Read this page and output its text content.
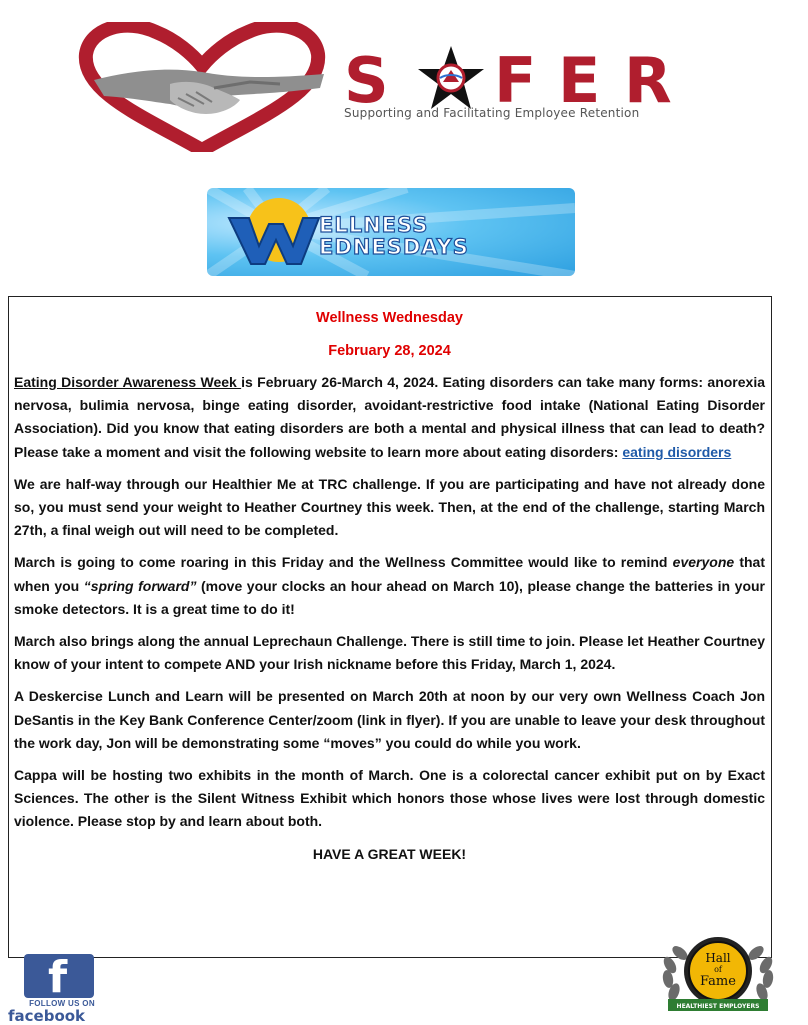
S F E R
Supporting and Facilitating Employee Retention
ELLNESS
EDNESDAYS
Wellness Wednesday
February 28, 2024

Eating Disorder Awareness Week is February 26-March 4, 2024. Eating disorders can take many forms: anorexia nervosa, bulimia nervosa, binge eating disorder, avoidant-restrictive food intake (National Eating Disorder Association). Did you know that eating disorders are both a mental and physical illness that can lead to death? Please take a moment and visit the following website to learn more about eating disorders: eating disorders

We are half-way through our Healthier Me at TRC challenge. If you are participating and have not already done so, you must send your weight to Heather Courtney this week. Then, at the end of the challenge, starting March 27th, a final weigh out will need to be completed.

March is going to come roaring in this Friday and the Wellness Committee would like to remind everyone that when you “spring forward” (move your clocks an hour ahead on March 10), please change the batteries in your smoke detectors. It is a great time to do it!

March also brings along the annual Leprechaun Challenge. There is still time to join. Please let Heather Courtney know of your intent to compete AND your Irish nickname before this Friday, March 1, 2024.

A Deskercise Lunch and Learn will be presented on March 20th at noon by our very own Wellness Coach Jon DeSantis in the Key Bank Conference Center/zoom (link in flyer). If you are unable to leave your desk throughout the work day, Jon will be demonstrating some “moves” you could do while you work.

Cappa will be hosting two exhibits in the month of March. One is a colorectal cancer exhibit put on by Exact Sciences. The other is the Silent Witness Exhibit which honors those whose lives were lost through domestic violence. Please stop by and learn about both.

HAVE A GREAT WEEK!
f
FOLLOW US ON
facebook
Hall
of
Fame
HEALTHIEST EMPLOYERS
